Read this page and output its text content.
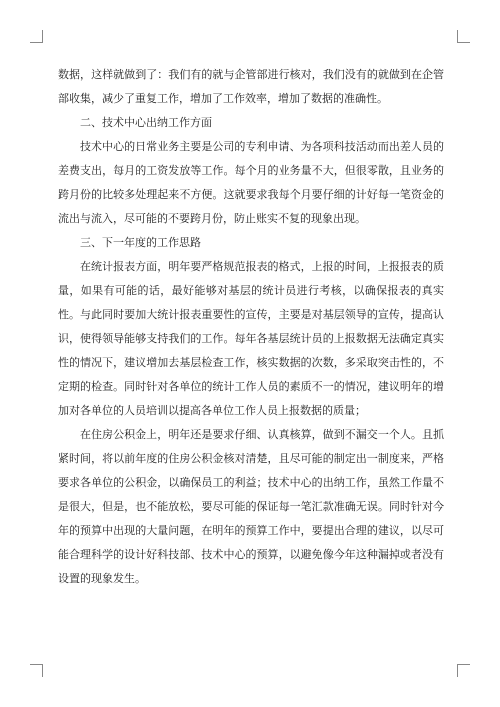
数据，这样就做到了：我们有的就与企管部进行核对，我们没有的就做到在企管部收集，减少了重复工作，增加了工作效率，增加了数据的准确性。

二、技术中心出纳工作方面

技术中心的日常业务主要是公司的专利申请、为各项科技活动而出差人员的差费支出，每月的工资发放等工作。每个月的业务量不大，但很零散，且业务的跨月份的比较多处理起来不方便。这就要求我每个月要仔细的计好每一笔资金的流出与流入，尽可能的不要跨月份，防止账实不复的现象出现。

三、下一年度的工作思路

在统计报表方面，明年要严格规范报表的格式，上报的时间，上报报表的质量，如果有可能的话，最好能够对基层的统计员进行考核，以确保报表的真实性。与此同时要加大统计报表重要性的宣传，主要是对基层领导的宣传，提高认识，使得领导能够支持我们的工作。每年各基层统计员的上报数据无法确定真实性的情况下，建议增加去基层检查工作，核实数据的次数，多采取突击性的，不定期的检查。同时针对各单位的统计工作人员的素质不一的情况，建议明年的增加对各单位的人员培训以提高各单位工作人员上报数据的质量；

在住房公积金上，明年还是要求仔细、认真核算，做到不漏交一个人。且抓紧时间，将以前年度的住房公积金核对清楚，且尽可能的制定出一制度来，严格要求各单位的公积金，以确保员工的利益；技术中心的出纳工作，虽然工作量不是很大，但是，也不能放松，要尽可能的保证每一笔汇款准确无误。同时针对今年的预算中出现的大量问题，在明年的预算工作中，要提出合理的建议，以尽可能合理科学的设计好科技部、技术中心的预算，以避免像今年这种漏掉或者没有设置的现象发生。
